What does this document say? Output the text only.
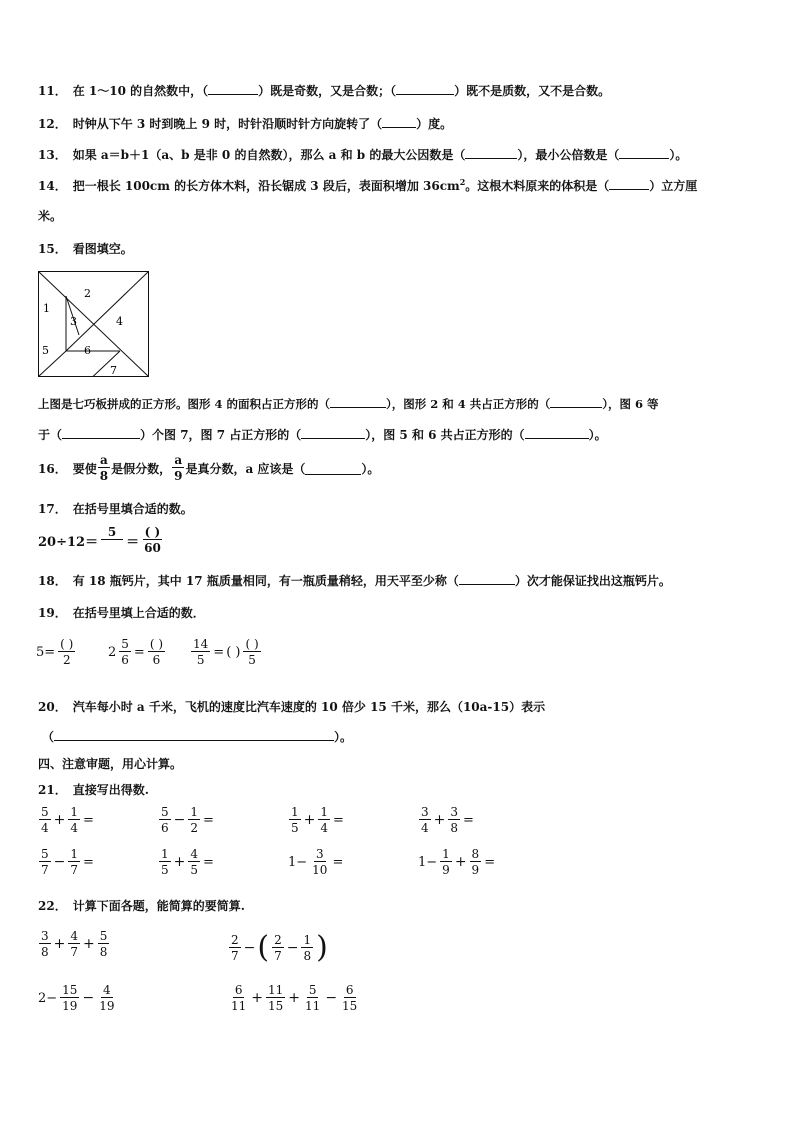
11． 在 1～10 的自然数中，（	）既是奇数，又是合数；（	）既不是质数，又不是合数。
12． 时钟从下午 3 时到晚上 9 时，时针沿顺时针方向旋转了（	）度。
13． 如果 a＝b＋1（a、b 是非 0 的自然数），那么 a 和 b 的最大公因数是（	），最小公倍数是（	）。
14． 把一根长 100cm 的长方体木料，沿长锯成 3 段后，表面积增加 $36cm^2$。这根木料原来的体积是（	）立方厘
米。
15． 看图填空。
1
2
3	4
5	6
7
上图是七巧板拼成的正方形。图形 4 的面积占正方形的（	），图形 2 和 4 共占正方形的（	），图 6 等
于（	）个图 7，图 7 占正方形的（	），图 5 和 6 共占正方形的（	）。
16． 要使 $\frac{a}{8}$ 是假分数， $\frac{a}{9}$ 是真分数，a 应该是（	）。
17． 在括号里填合适的数。
20÷12＝
5
＝ $\frac{( )}{60}$
18． 有 18 瓶钙片，其中 17 瓶质量相同，有一瓶质量稍轻，用天平至少称（	）次才能保证找出这瓶钙片。
19． 在括号里填上合适的数．
$5= \frac{( )}{2}$	$2 \frac{5}{6} = \frac{( )}{6} \frac{14}{5}$ = ( ) $\frac{( )}{5}$
20． 汽车每小时 a 千米，飞机的速度比汽车速度的 10 倍少 15 千米，那么（10a-15）表示
（	）。
四、注意审题，用心计算。
21． 直接写出得数.
$\frac{5}{4} + \frac{1}{4}$ =	$\frac{5}{6} - \frac{1}{2}$ =	$\frac{1}{5} + \frac{1}{4}$ =	$\frac{3}{4} + \frac{3}{8}$ =
$\frac{5}{7} - \frac{1}{7}$ =	$\frac{1}{5} + \frac{4}{5}$ =	$1- \frac{3}{10}$ =	$1- \frac{1}{9} + \frac{8}{9}$ =
22． 计算下面各题，能简算的要简算.
$\frac{3}{8} + \frac{4}{7} + \frac{5}{8}$	$\frac{2}{7}$ − ( $\frac{2}{7} - \frac{1}{8}$ )
$2- \frac{15}{19} - \frac{4}{19}$	$\frac{6}{11} + \frac{11}{15} + \frac{5}{11} - \frac{6}{15}$
